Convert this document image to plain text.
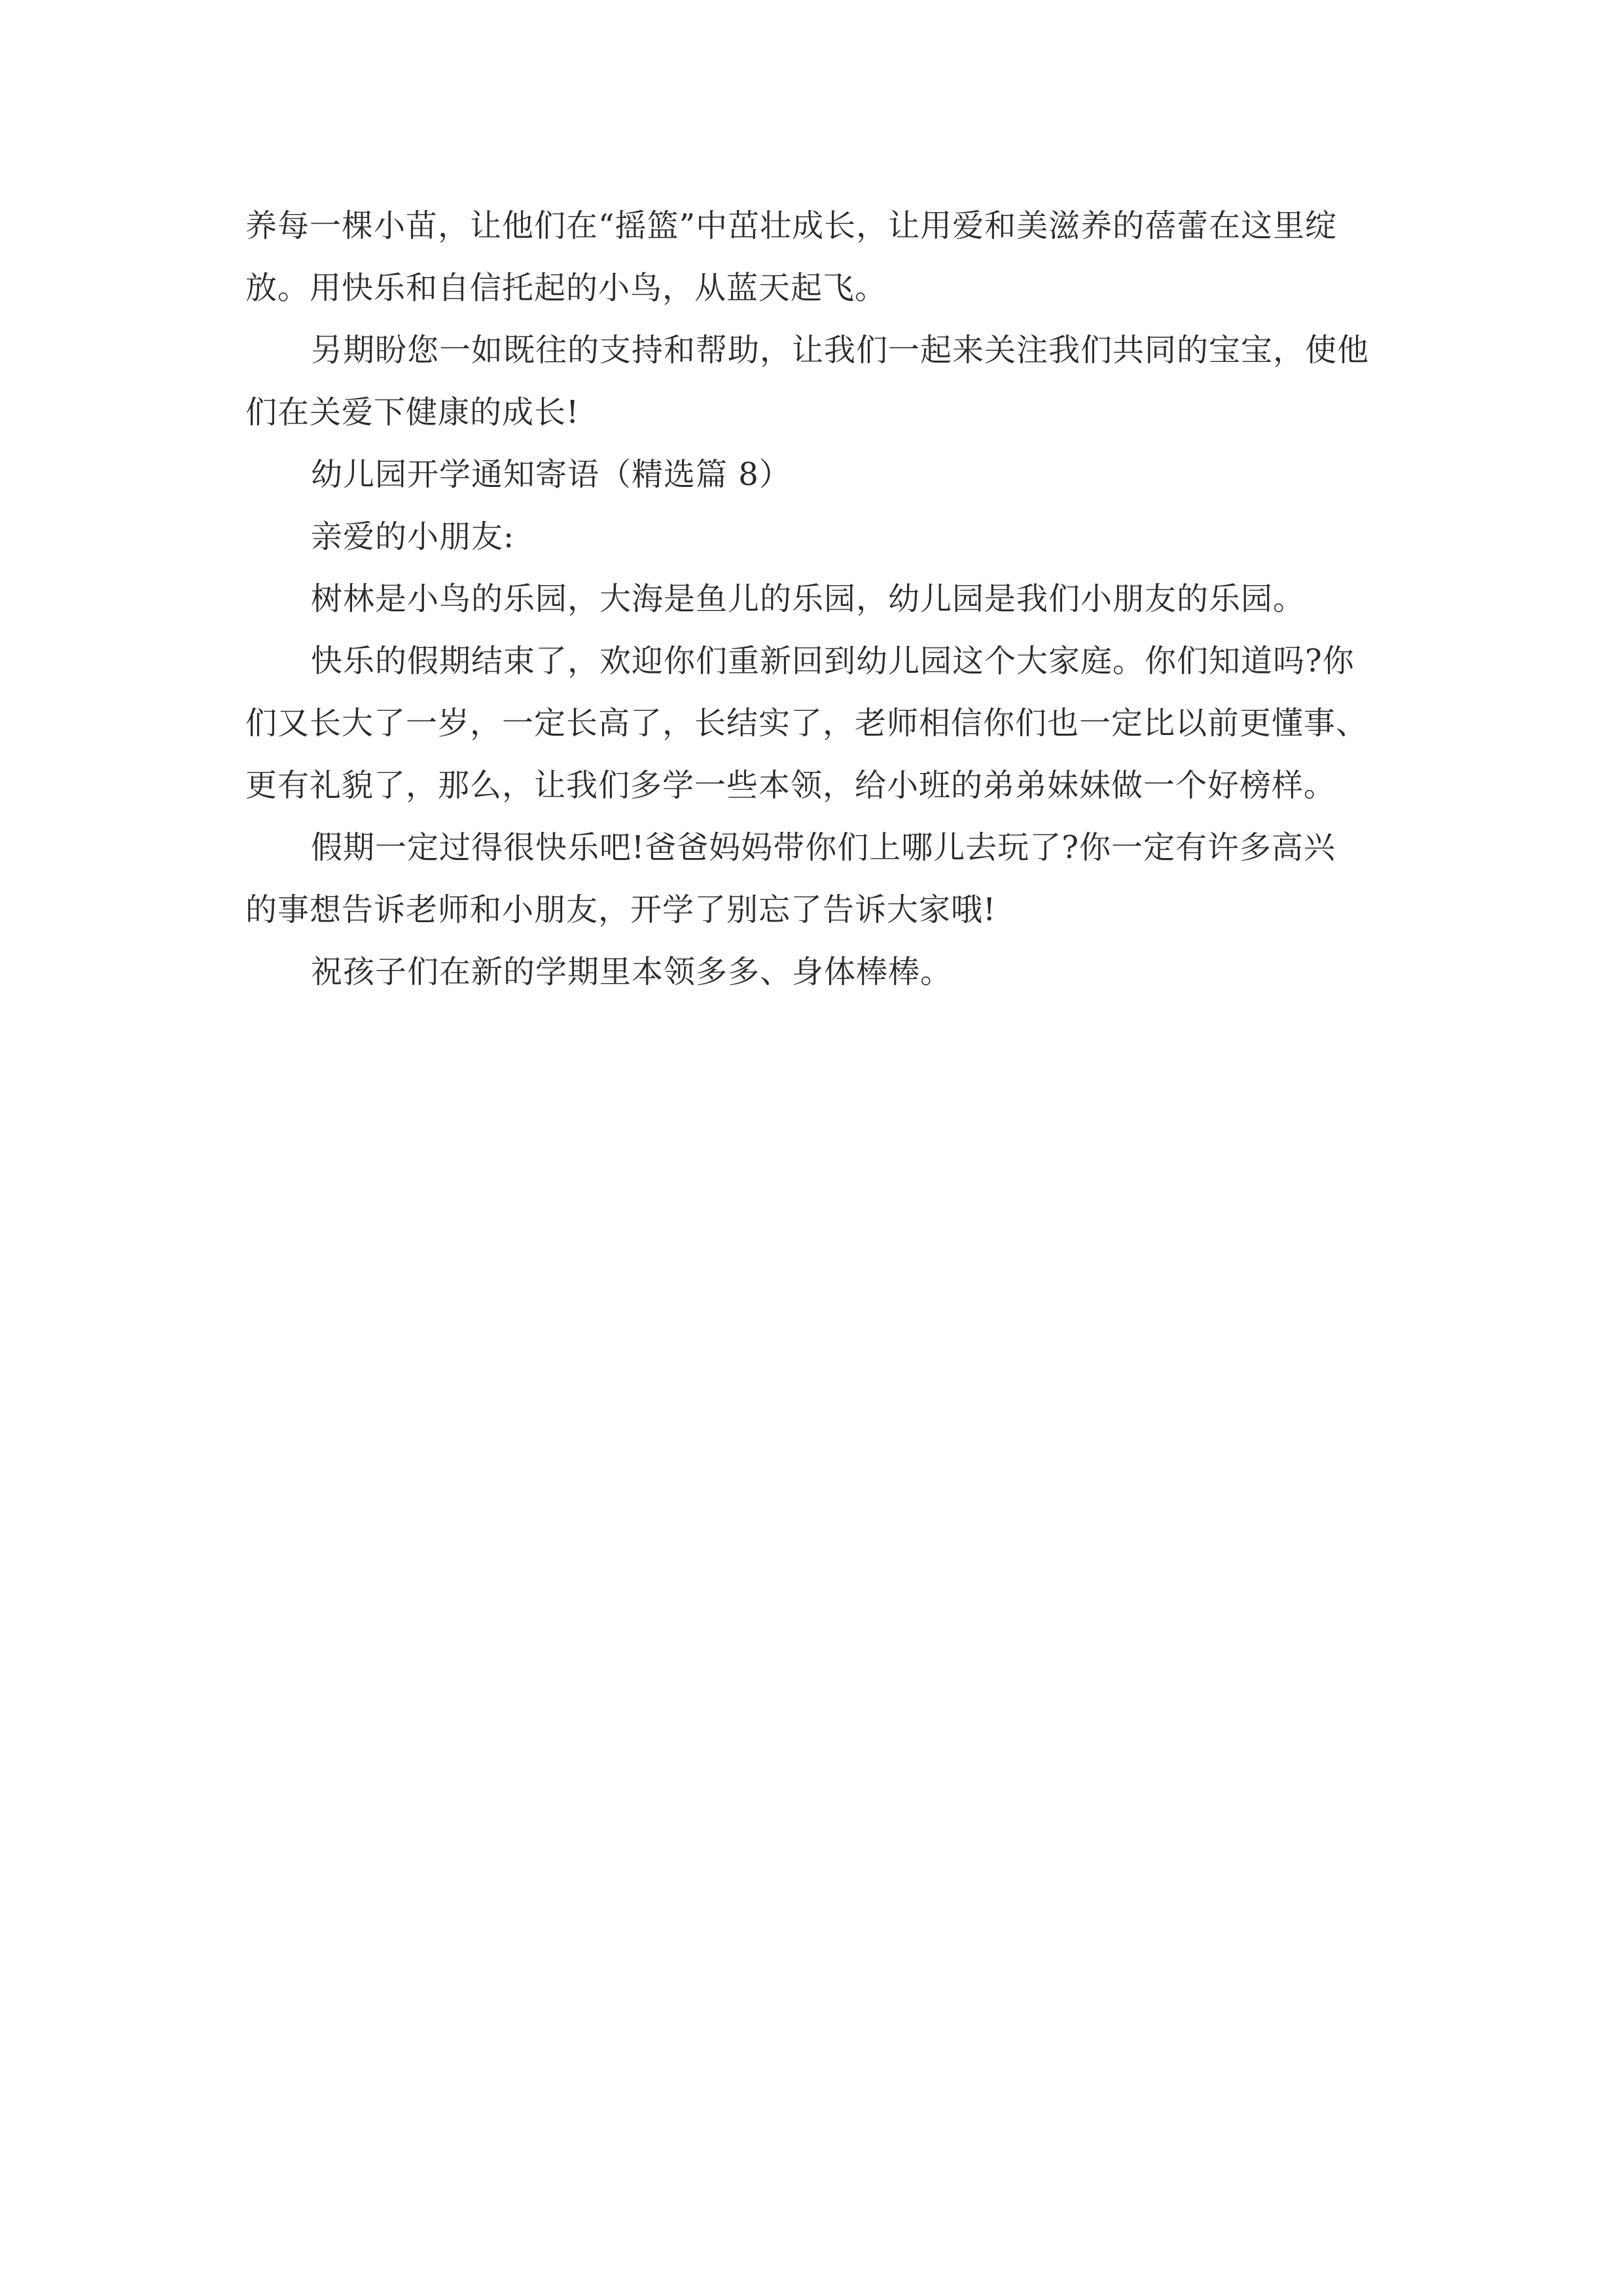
养每一棵小苗，让他们在“摇篮”中茁壮成长，让用爱和美滋养的蓓蕾在这里绽
放。用快乐和自信托起的小鸟，从蓝天起飞。
另期盼您一如既往的支持和帮助，让我们一起来关注我们共同的宝宝，使他
们在关爱下健康的成长!
幼儿园开学通知寄语（精选篇 8）
亲爱的小朋友:
树林是小鸟的乐园，大海是鱼儿的乐园，幼儿园是我们小朋友的乐园。
快乐的假期结束了，欢迎你们重新回到幼儿园这个大家庭。你们知道吗?你
们又长大了一岁，一定长高了，长结实了，老师相信你们也一定比以前更懂事、
更有礼貌了，那么，让我们多学一些本领，给小班的弟弟妹妹做一个好榜样。
假期一定过得很快乐吧!爸爸妈妈带你们上哪儿去玩了?你一定有许多高兴
的事想告诉老师和小朋友，开学了别忘了告诉大家哦!
祝孩子们在新的学期里本领多多、身体棒棒。
